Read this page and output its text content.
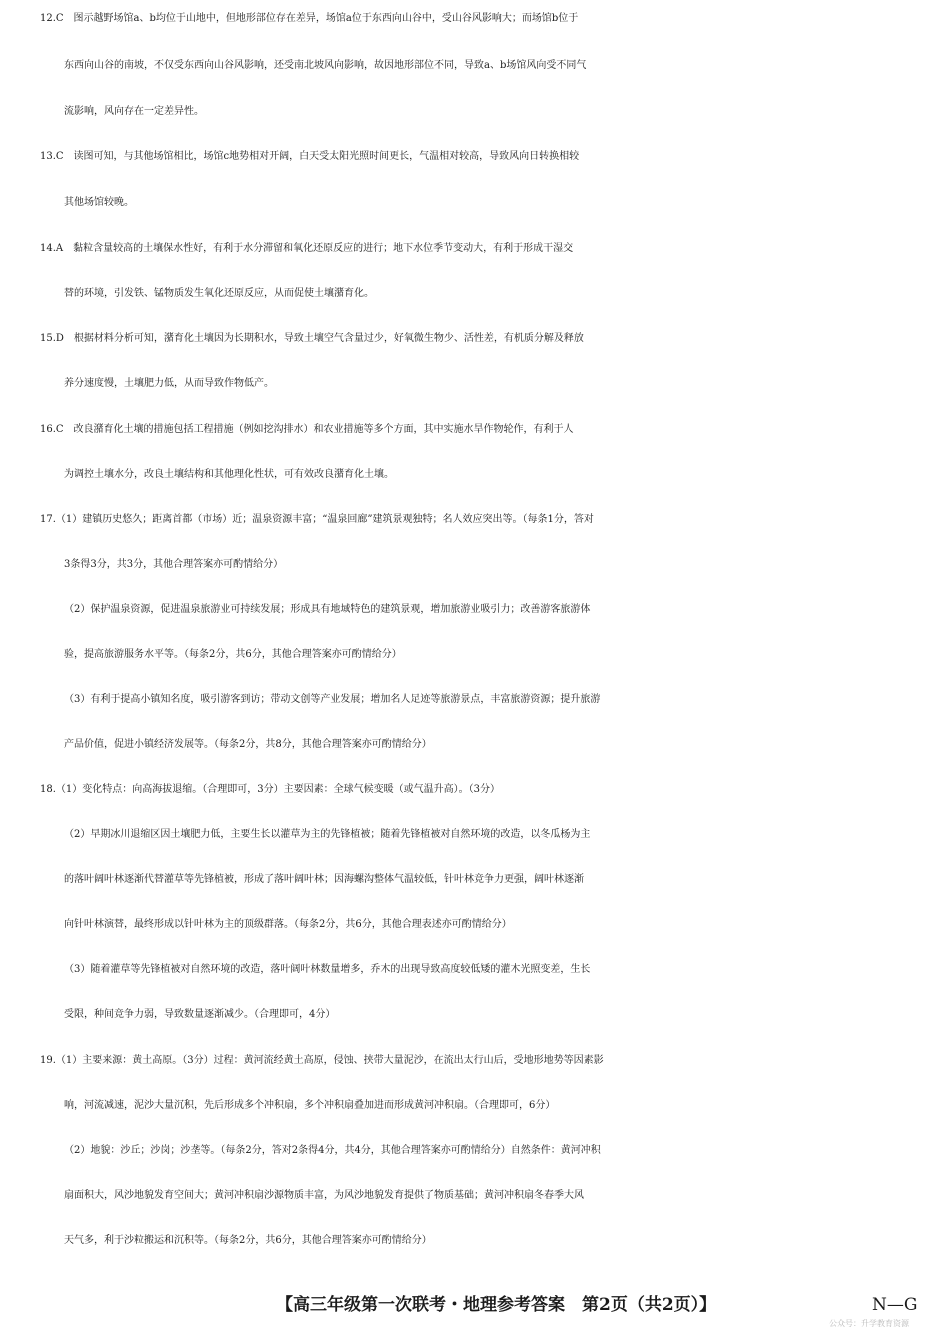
12.C　图示越野场馆a、b均位于山地中，但地形部位存在差异，场馆a位于东西向山谷中，受山谷风影响大；而场馆b位于
东西向山谷的南坡，不仅受东西向山谷风影响，还受南北坡风向影响，故因地形部位不同，导致a、b场馆风向受不同气
流影响，风向存在一定差异性。
13.C　读图可知，与其他场馆相比，场馆c地势相对开阔，白天受太阳光照时间更长，气温相对较高，导致风向日转换相较
其他场馆较晚。
14.A　黏粒含量较高的土壤保水性好，有利于水分滞留和氧化还原反应的进行；地下水位季节变动大，有利于形成干湿交
替的环境，引发铁、锰物质发生氧化还原反应，从而促使土壤潴育化。
15.D　根据材料分析可知，潴育化土壤因为长期积水，导致土壤空气含量过少，好氧微生物少、活性差，有机质分解及释放
养分速度慢，土壤肥力低，从而导致作物低产。
16.C　改良潴育化土壤的措施包括工程措施（例如挖沟排水）和农业措施等多个方面，其中实施水旱作物轮作，有利于人
为调控土壤水分，改良土壤结构和其他理化性状，可有效改良潴育化土壤。
17.（1）建镇历史悠久；距离首都（市场）近；温泉资源丰富；“温泉回廊”建筑景观独特；名人效应突出等。（每条1分，答对
3条得3分，共3分，其他合理答案亦可酌情给分）
（2）保护温泉资源，促进温泉旅游业可持续发展；形成具有地域特色的建筑景观，增加旅游业吸引力；改善游客旅游体
验，提高旅游服务水平等。（每条2分，共6分，其他合理答案亦可酌情给分）
（3）有利于提高小镇知名度，吸引游客到访；带动文创等产业发展；增加名人足迹等旅游景点，丰富旅游资源；提升旅游
产品价值，促进小镇经济发展等。（每条2分，共8分，其他合理答案亦可酌情给分）
18.（1）变化特点：向高海拔退缩。（合理即可，3分）主要因素：全球气候变暖（或气温升高）。（3分）
（2）早期冰川退缩区因土壤肥力低，主要生长以灌草为主的先锋植被；随着先锋植被对自然环境的改造，以冬瓜杨为主
的落叶阔叶林逐渐代替灌草等先锋植被，形成了落叶阔叶林；因海螺沟整体气温较低，针叶林竞争力更强，阔叶林逐渐
向针叶林演替，最终形成以针叶林为主的顶级群落。（每条2分，共6分，其他合理表述亦可酌情给分）
（3）随着灌草等先锋植被对自然环境的改造，落叶阔叶林数量增多，乔木的出现导致高度较低矮的灌木光照变差，生长
受限，种间竞争力弱，导致数量逐渐减少。（合理即可，4分）
19.（1）主要来源：黄土高原。（3分）过程：黄河流经黄土高原，侵蚀、挟带大量泥沙，在流出太行山后，受地形地势等因素影
响，河流减速，泥沙大量沉积，先后形成多个冲积扇，多个冲积扇叠加进而形成黄河冲积扇。（合理即可，6分）
（2）地貌：沙丘；沙岗；沙垄等。（每条2分，答对2条得4分，共4分，其他合理答案亦可酌情给分）自然条件：黄河冲积
扇面积大，风沙地貌发育空间大；黄河冲积扇沙源物质丰富，为风沙地貌发育提供了物质基础；黄河冲积扇冬春季大风
天气多，利于沙粒搬运和沉积等。（每条2分，共6分，其他合理答案亦可酌情给分）
【高三年级第一次联考・地理参考答案　第2页（共2页）】	N—G
公众号：升学教育资源
